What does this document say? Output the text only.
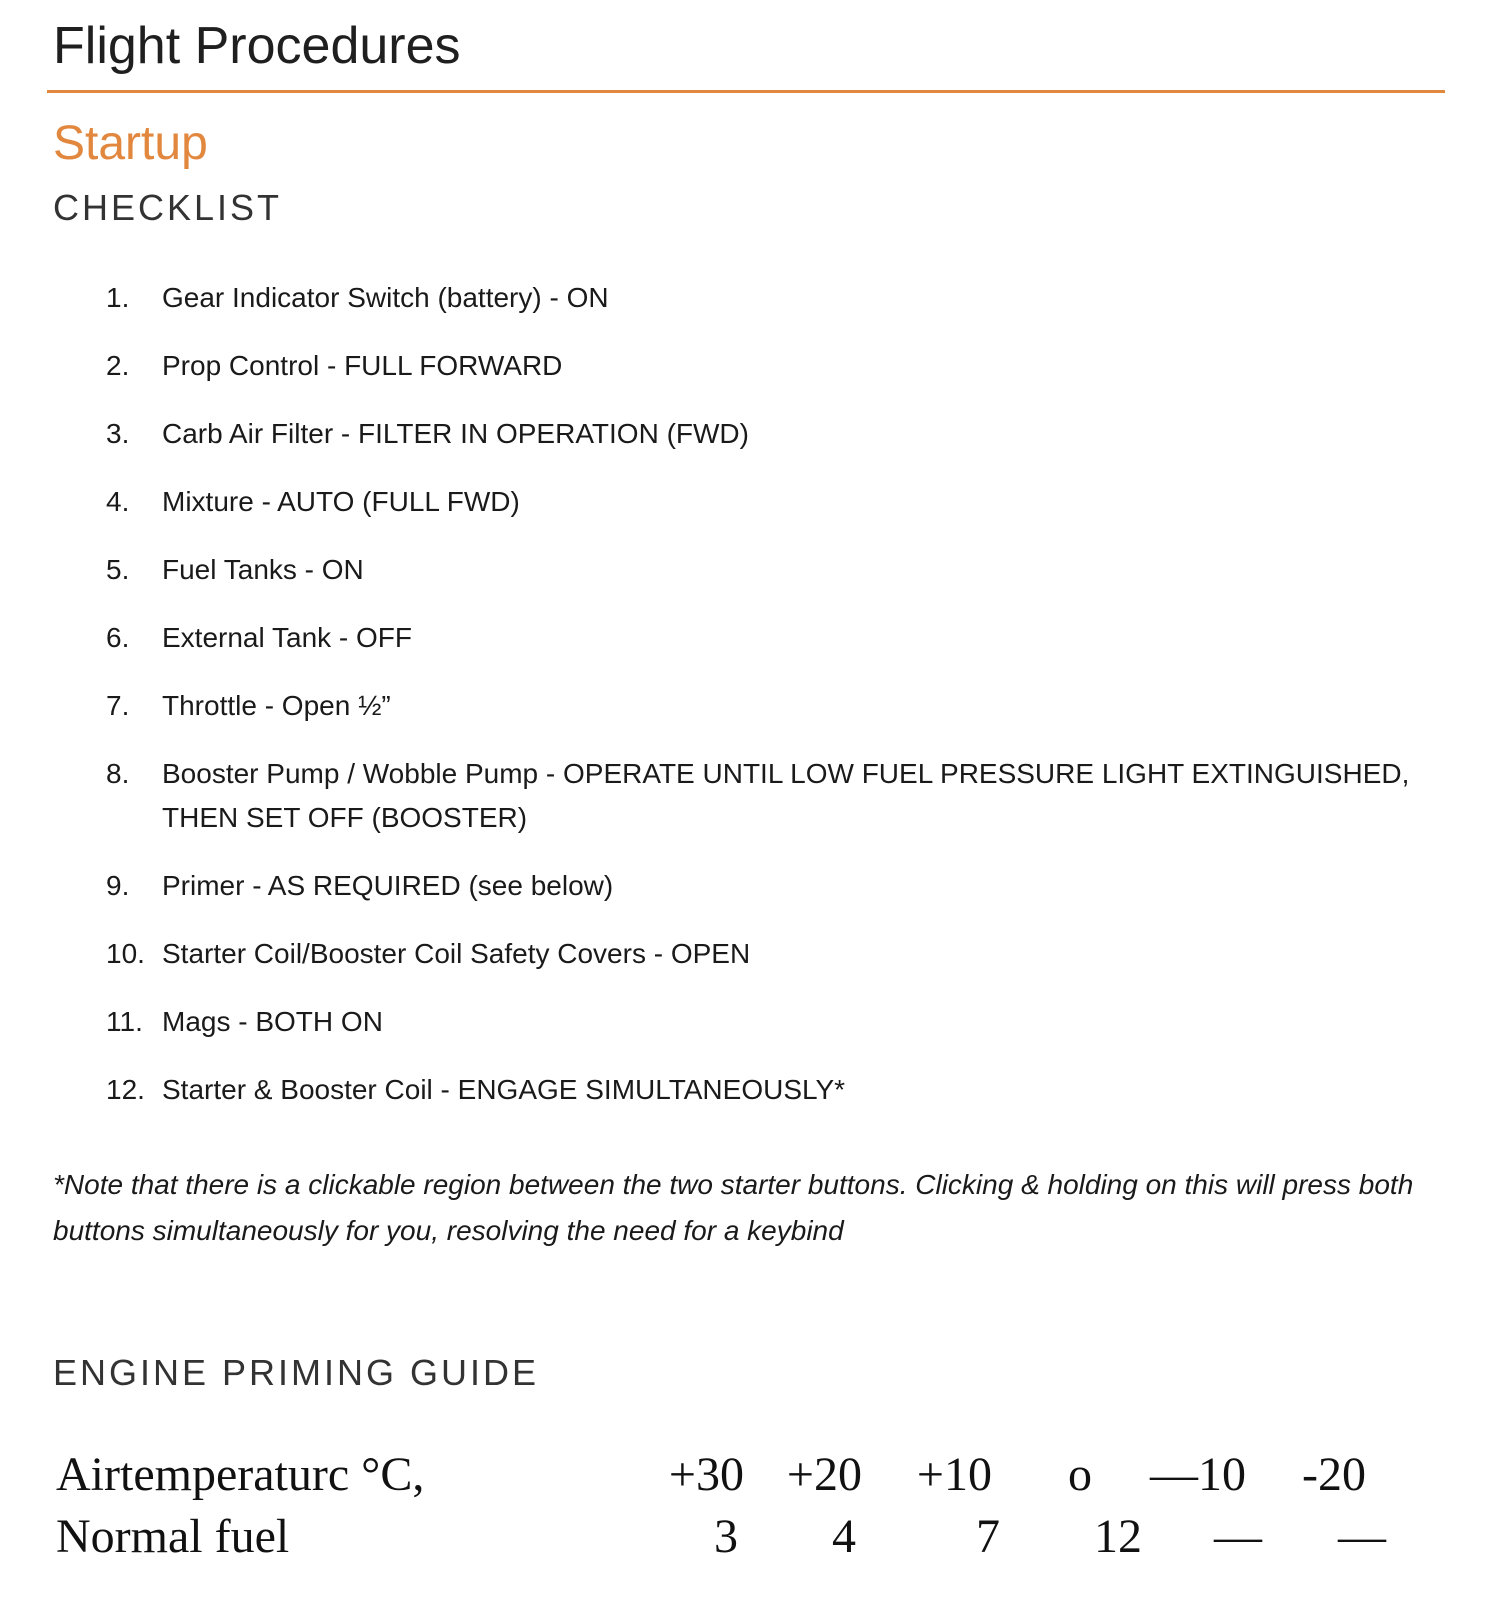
Flight Procedures
Startup
CHECKLIST
1.	Gear Indicator Switch (battery) - ON
2.	Prop Control - FULL FORWARD
3.	Carb Air Filter - FILTER IN OPERATION (FWD)
4.	Mixture - AUTO (FULL FWD)
5.	Fuel Tanks - ON
6.	External Tank - OFF
7.	Throttle - Open ½”
8.	Booster Pump / Wobble Pump - OPERATE UNTIL LOW FUEL PRESSURE LIGHT EXTINGUISHED, THEN SET OFF (BOOSTER)
9.	Primer - AS REQUIRED (see below)
10. Starter Coil/Booster Coil Safety Covers - OPEN
11. Mags - BOTH ON
12. Starter & Booster Coil - ENGAGE SIMULTANEOUSLY*

*Note that there is a clickable region between the two starter buttons. Clicking & holding on this will press both buttons simultaneously for you, resolving the need for a keybind

ENGINE PRIMING GUIDE
Airtemperaturc °C,	+30 +20	+10	o —10	-20
Normal fuel	3	4	7	12	—	—
